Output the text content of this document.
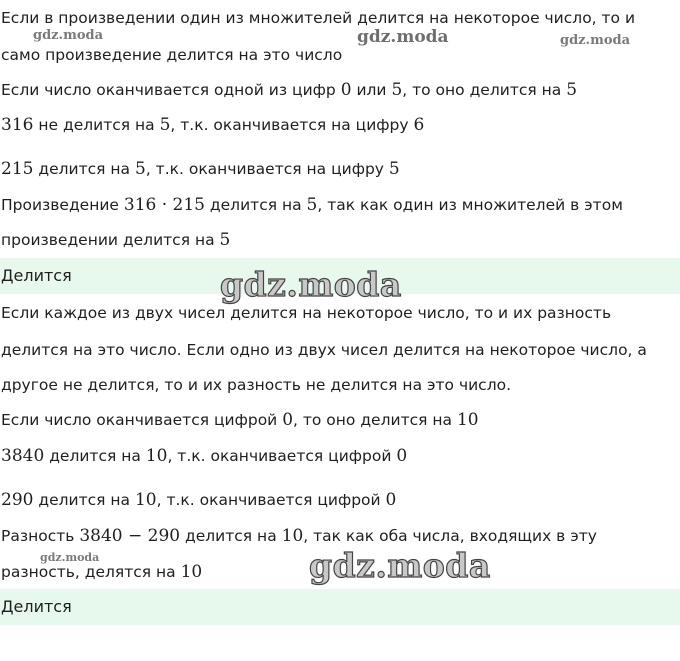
Если в произведении один из множителей делится на некоторое число, то и
само произведение делится на это число
Если число оканчивается одной из цифр 0 или 5, то оно делится на 5
316 не делится на 5, т.к. оканчивается на цифру 6
215 делится на 5, т.к. оканчивается на цифру 5
Произведение 316 · 215 делится на 5, так как один из множителей в этом
произведении делится на 5
Делится
Если каждое из двух чисел делится на некоторое число, то и их разность
делится на это число. Если одно из двух чисел делится на некоторое число, а
другое не делится, то и их разность не делится на это число.
Если число оканчивается цифрой 0, то оно делится на 10
3840 делится на 10, т.к. оканчивается цифрой 0
290 делится на 10, т.к. оканчивается цифрой 0
Разность 3840 − 290 делится на 10, так как оба числа, входящих в эту
разность, делятся на 10
Делится
gdz.moda	gdz.moda	gdz.moda
gdz.moda
gdz.moda	gdz.moda
